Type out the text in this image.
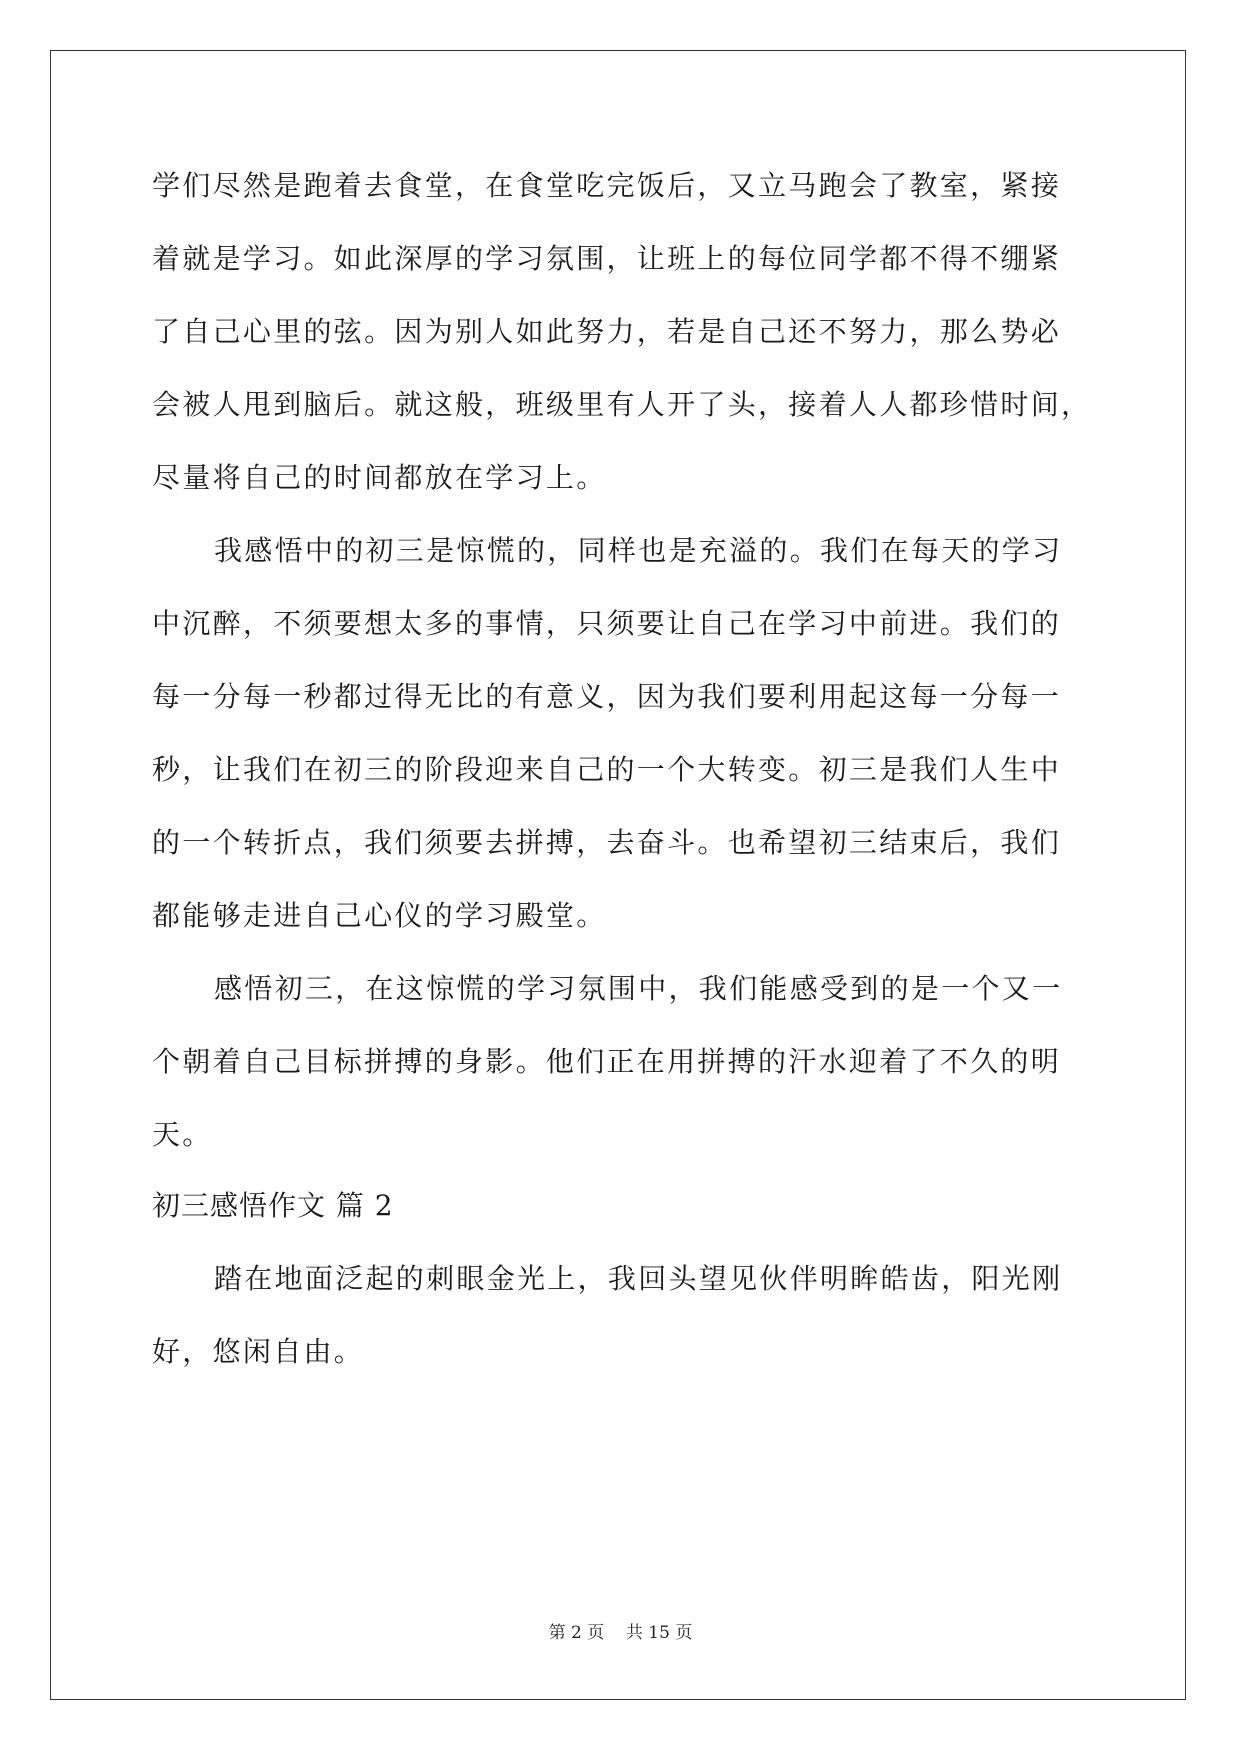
学们尽然是跑着去食堂，在食堂吃完饭后，又立马跑会了教室，紧接
着就是学习。如此深厚的学习氛围，让班上的每位同学都不得不绷紧
了自己心里的弦。因为别人如此努力，若是自己还不努力，那么势必
会被人甩到脑后。就这般，班级里有人开了头，接着人人都珍惜时间，
尽量将自己的时间都放在学习上。
我感悟中的初三是惊慌的，同样也是充溢的。我们在每天的学习
中沉醉，不须要想太多的事情，只须要让自己在学习中前进。我们的
每一分每一秒都过得无比的有意义，因为我们要利用起这每一分每一
秒，让我们在初三的阶段迎来自己的一个大转变。初三是我们人生中
的一个转折点，我们须要去拼搏，去奋斗。也希望初三结束后，我们
都能够走进自己心仪的学习殿堂。
感悟初三，在这惊慌的学习氛围中，我们能感受到的是一个又一
个朝着自己目标拼搏的身影。他们正在用拼搏的汗水迎着了不久的明
天。
初三感悟作文 篇 2
踏在地面泛起的刺眼金光上，我回头望见伙伴明眸皓齿，阳光刚
好，悠闲自由。
第 2 页    共 15 页
